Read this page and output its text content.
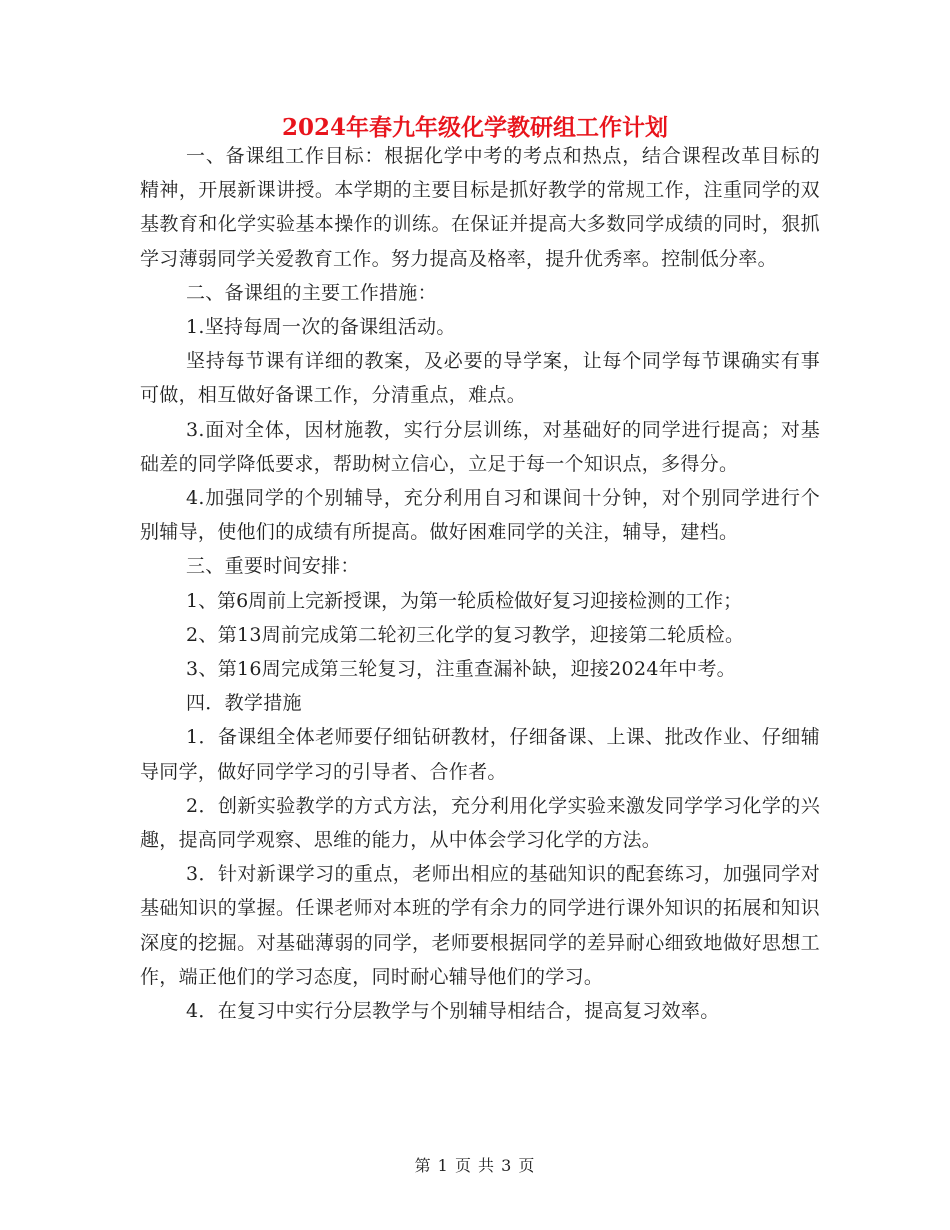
2024年春九年级化学教研组工作计划

一、备课组工作目标：根据化学中考的考点和热点，结合课程改革目标的精神，开展新课讲授。本学期的主要目标是抓好教学的常规工作，注重同学的双基教育和化学实验基本操作的训练。在保证并提高大多数同学成绩的同时，狠抓学习薄弱同学关爱教育工作。努力提高及格率，提升优秀率。控制低分率。

二、备课组的主要工作措施：

1.坚持每周一次的备课组活动。

坚持每节课有详细的教案，及必要的导学案，让每个同学每节课确实有事可做，相互做好备课工作，分清重点，难点。

3.面对全体，因材施教，实行分层训练，对基础好的同学进行提高；对基础差的同学降低要求，帮助树立信心，立足于每一个知识点，多得分。

4.加强同学的个别辅导，充分利用自习和课间十分钟，对个别同学进行个别辅导，使他们的成绩有所提高。做好困难同学的关注，辅导，建档。

三、重要时间安排：

1、第6周前上完新授课，为第一轮质检做好复习迎接检测的工作；

2、第13周前完成第二轮初三化学的复习教学，迎接第二轮质检。

3、第16周完成第三轮复习，注重查漏补缺，迎接2024年中考。

四．教学措施

1．备课组全体老师要仔细钻研教材，仔细备课、上课、批改作业、仔细辅导同学，做好同学学习的引导者、合作者。

2．创新实验教学的方式方法，充分利用化学实验来激发同学学习化学的兴趣，提高同学观察、思维的能力，从中体会学习化学的方法。

3．针对新课学习的重点，老师出相应的基础知识的配套练习，加强同学对基础知识的掌握。任课老师对本班的学有余力的同学进行课外知识的拓展和知识深度的挖掘。对基础薄弱的同学，老师要根据同学的差异耐心细致地做好思想工作，端正他们的学习态度，同时耐心辅导他们的学习。

4．在复习中实行分层教学与个别辅导相结合，提高复习效率。

第 1 页 共 3 页
